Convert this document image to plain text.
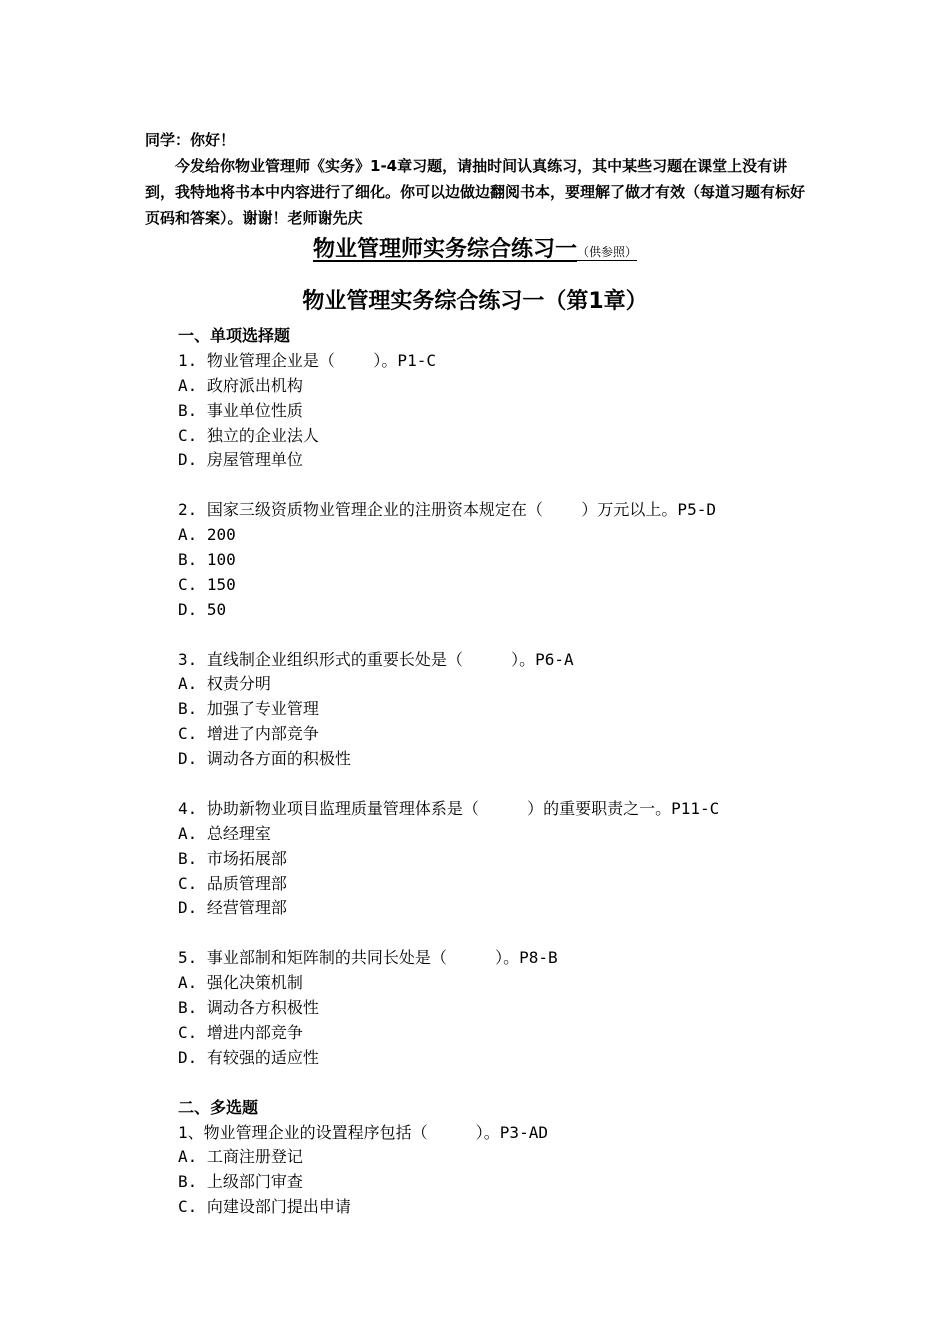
同学：你好！

今发给你物业管理师《实务》1-4章习题，请抽时间认真练习，其中某些习题在课堂上没有讲到，我特地将书本中内容进行了细化。你可以边做边翻阅书本，要理解了做才有效（每道习题有标好页码和答案）。谢谢！老师谢先庆

物业管理师实务综合练习一（供参照）
物业管理实务综合练习一（第1章）
一、单项选择题
1. 物业管理企业是（    ）。P1-C
A. 政府派出机构
B. 事业单位性质
C. 独立的企业法人
D. 房屋管理单位
2. 国家三级资质物业管理企业的注册资本规定在（    ）万元以上。P5-D
A. 200
B. 100
C. 150
D. 50
3. 直线制企业组织形式的重要长处是（     ）。P6-A
A. 权责分明
B. 加强了专业管理
C. 增进了内部竞争
D. 调动各方面的积极性
4. 协助新物业项目监理质量管理体系是（     ）的重要职责之一。P11-C
A. 总经理室
B. 市场拓展部
C. 品质管理部
D. 经营管理部
5. 事业部制和矩阵制的共同长处是（     ）。P8-B
A. 强化决策机制
B. 调动各方积极性
C. 增进内部竞争
D. 有较强的适应性
二、多选题
1、物业管理企业的设置程序包括（     ）。P3-AD
A. 工商注册登记
B. 上级部门审查
C. 向建设部门提出申请
